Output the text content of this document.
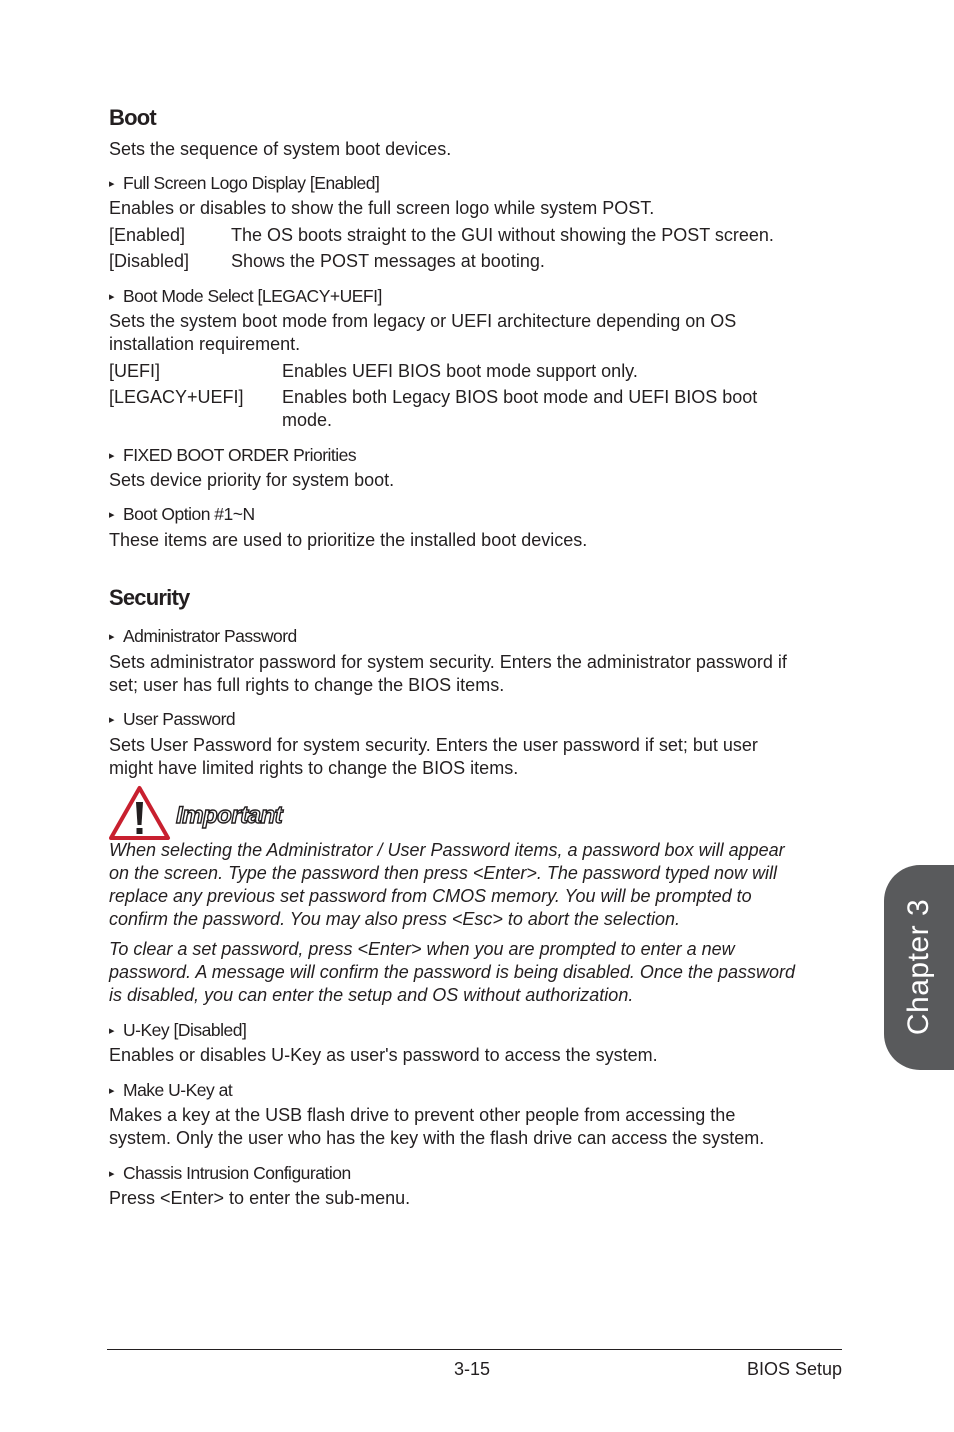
Boot
Sets the sequence of system boot devices.
▸ Full Screen Logo Display [Enabled]
Enables or disables to show the full screen logo while system POST.
[Enabled]	The OS boots straight to the GUI without showing the POST screen.
[Disabled] Shows the POST messages at booting.
▸ Boot Mode Select [LEGACY+UEFI]
Sets the system boot mode from legacy or UEFI architecture depending on OS
installation requirement.
[UEFI]	Enables UEFI BIOS boot mode support only.
[LEGACY+UEFI] Enables both Legacy BIOS boot mode and UEFI BIOS boot
mode.
▸ FIXED BOOT ORDER Priorities
Sets device priority for system boot.
▸ Boot Option #1~N
These items are used to prioritize the installed boot devices.
Security
▸ Administrator Password
Sets administrator password for system security. Enters the administrator password if
set; user has full rights to change the BIOS items.
▸ User Password
Sets User Password for system security. Enters the user password if set; but user
might have limited rights to change the BIOS items.
Important
When selecting the Administrator / User Password items, a password box will appear
on the screen. Type the password then press <Enter>. The password typed now will
replace any previous set password from CMOS memory. You will be prompted to
confirm the password. You may also press <Esc> to abort the selection.
To clear a set password, press <Enter> when you are prompted to enter a new
password. A message will confirm the password is being disabled. Once the password
is disabled, you can enter the setup and OS without authorization.
▸ U-Key [Disabled]
Enables or disables U-Key as user's password to access the system.
▸ Make U-Key at
Makes a key at the USB flash drive to prevent other people from accessing the
system. Only the user who has the key with the flash drive can access the system.
▸ Chassis Intrusion Configuration
Press <Enter> to enter the sub-menu.
3-15	BIOS Setup
Chapter 3
